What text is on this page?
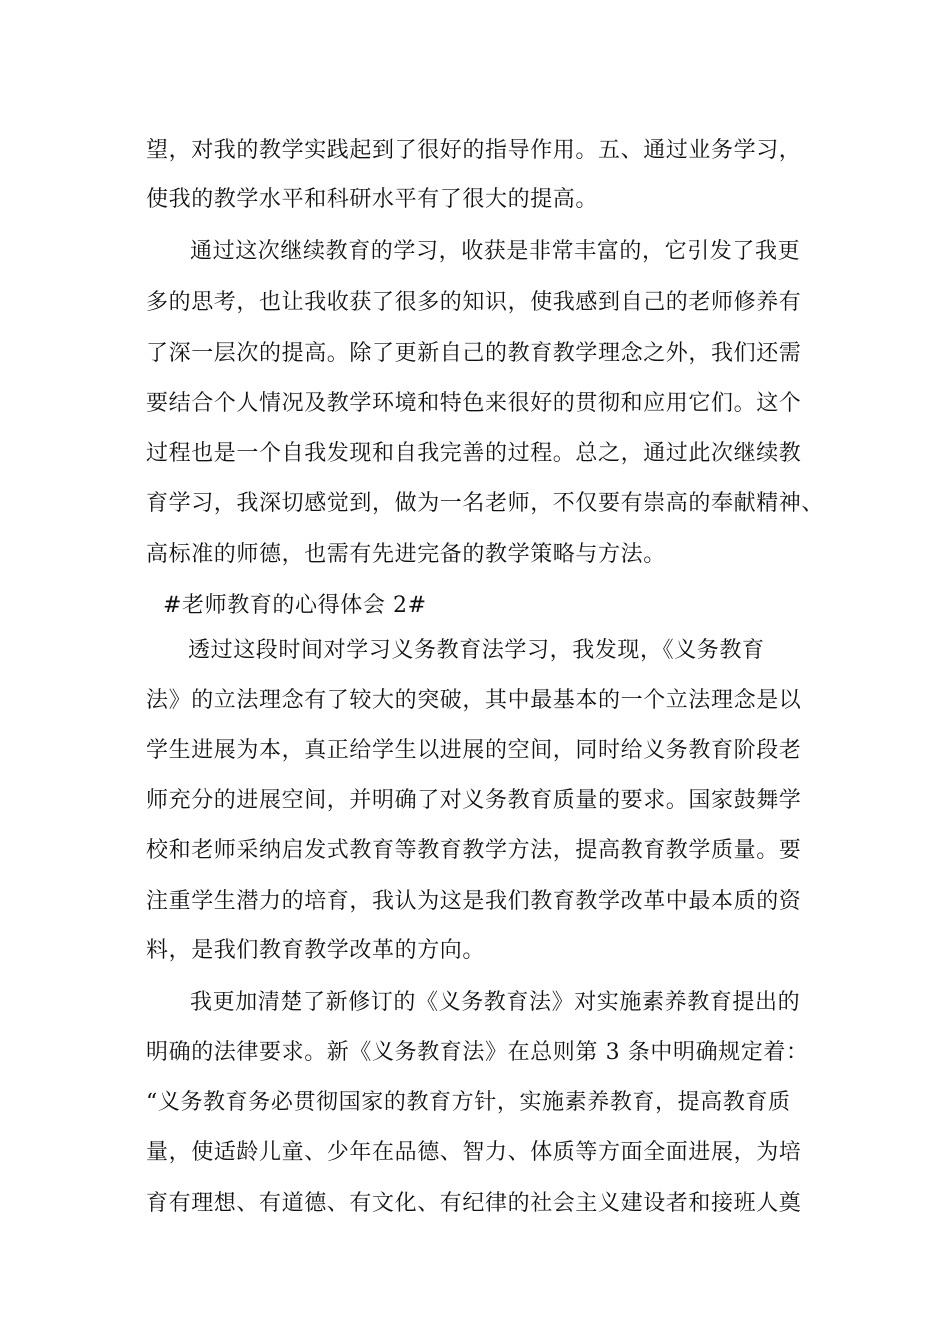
望，对我的教学实践起到了很好的指导作用。五、通过业务学习，

使我的教学水平和科研水平有了很大的提高。

通过这次继续教育的学习，收获是非常丰富的，它引发了我更

多的思考，也让我收获了很多的知识，使我感到自己的老师修养有

了深一层次的提高。除了更新自己的教育教学理念之外，我们还需

要结合个人情况及教学环境和特色来很好的贯彻和应用它们。这个

过程也是一个自我发现和自我完善的过程。总之，通过此次继续教

育学习，我深切感觉到，做为一名老师，不仅要有崇高的奉献精神、

高标准的师德，也需有先进完备的教学策略与方法。

#老师教育的心得体会 2#

透过这段时间对学习义务教育法学习，我发现，《义务教育

法》的立法理念有了较大的突破，其中最基本的一个立法理念是以

学生进展为本，真正给学生以进展的空间，同时给义务教育阶段老

师充分的进展空间，并明确了对义务教育质量的要求。国家鼓舞学

校和老师采纳启发式教育等教育教学方法，提高教育教学质量。要

注重学生潜力的培育，我认为这是我们教育教学改革中最本质的资

料，是我们教育教学改革的方向。

我更加清楚了新修订的《义务教育法》对实施素养教育提出的

明确的法律要求。新《义务教育法》在总则第 3 条中明确规定着：

“义务教育务必贯彻国家的教育方针，实施素养教育，提高教育质

量，使适龄儿童、少年在品德、智力、体质等方面全面进展，为培

育有理想、有道德、有文化、有纪律的社会主义建设者和接班人奠
